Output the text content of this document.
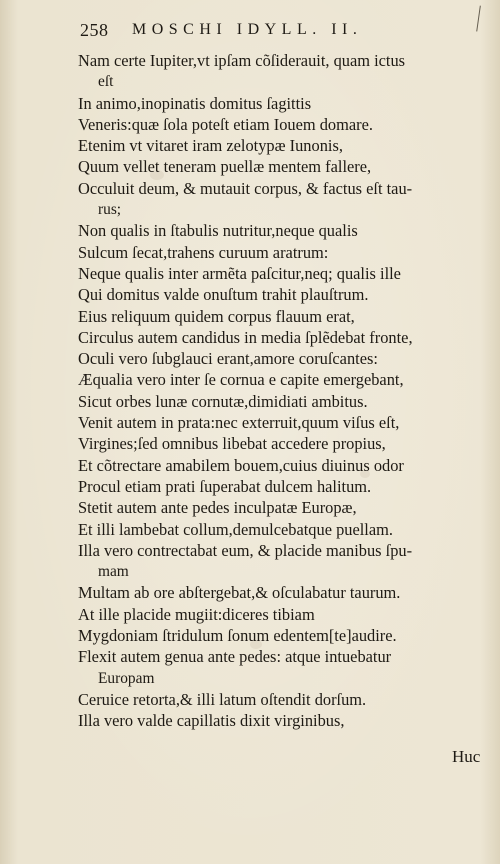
258 MOSCHI IDYLL. II.
Nam certe Iupiter,vt ipſam cõſiderauit, quam ictus
eſt
In animo,inopinatis domitus ſagittis
Veneris:quæ ſola poteſt etiam Iouem domare.
Etenim vt vitaret iram zelotypæ Iunonis,
Quum vellet teneram puellæ mentem fallere,
Occuluit deum, & mutauit corpus, & factus eſt tau-
rus;
Non qualis in ſtabulis nutritur,neque qualis
Sulcum ſecat,trahens curuum aratrum:
Neque qualis inter armẽta paſcitur,neq; qualis ille
Qui domitus valde onuſtum trahit plauſtrum.
Eius reliquum quidem corpus flauum erat,
Circulus autem candidus in media ſplẽdebat fronte,
Oculi vero ſubglauci erant,amore coruſcantes:
Æqualia vero inter ſe cornua e capite emergebant,
Sicut orbes lunæ cornutæ,dimidiati ambitus.
Venit autem in prata:nec exterruit,quum viſus eſt,
Virgines;ſed omnibus libebat accedere propius,
Et cõtrectare amabilem bouem,cuius diuinus odor
Procul etiam prati ſuperabat dulcem halitum.
Stetit autem ante pedes inculpatæ Europæ,
Et illi lambebat collum,demulcebatque puellam.
Illa vero contrectabat eum, & placide manibus ſpu-
mam
Multam ab ore abſtergebat,& oſculabatur taurum.
At ille placide mugiit:diceres tibiam
Mygdoniam ſtridulum ſonum edentem[te]audire.
Flexit autem genua ante pedes: atque intuebatur
Europam
Ceruice retorta,& illi latum oſtendit dorſum.
Illa vero valde capillatis dixit virginibus,
Huc
